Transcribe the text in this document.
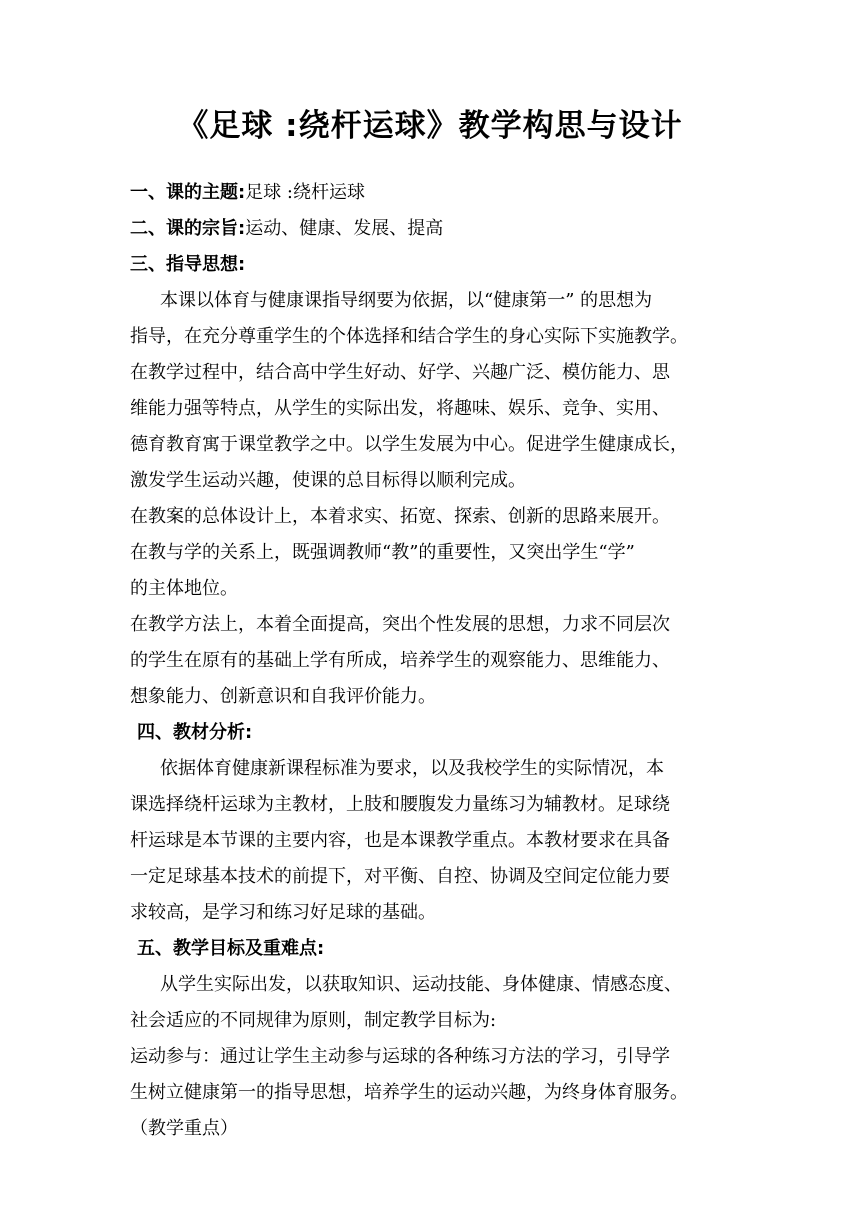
《足球 :绕杆运球》教学构思与设计
一、课的主题:足球 :绕杆运球
二、课的宗旨:运动、健康、发展、提高
三、指导思想:
本课以体育与健康课指导纲要为依据，以“健康第一” 的思想为
指导，在充分尊重学生的个体选择和结合学生的身心实际下实施教学。
在教学过程中，结合高中学生好动、好学、兴趣广泛、模仿能力、思
维能力强等特点，从学生的实际出发，将趣味、娱乐、竞争、实用、
德育教育寓于课堂教学之中。以学生发展为中心。促进学生健康成长，
激发学生运动兴趣，使课的总目标得以顺利完成。
在教案的总体设计上，本着求实、拓宽、探索、创新的思路来展开。
在教与学的关系上，既强调教师“教”的重要性，又突出学生“学”
的主体地位。
在教学方法上，本着全面提高，突出个性发展的思想，力求不同层次
的学生在原有的基础上学有所成，培养学生的观察能力、思维能力、
想象能力、创新意识和自我评价能力。
四、教材分析:
依据体育健康新课程标准为要求，以及我校学生的实际情况，本
课选择绕杆运球为主教材，上肢和腰腹发力量练习为辅教材。足球绕
杆运球是本节课的主要内容，也是本课教学重点。本教材要求在具备
一定足球基本技术的前提下，对平衡、自控、协调及空间定位能力要
求较高，是学习和练习好足球的基础。
五、教学目标及重难点:
从学生实际出发，以获取知识、运动技能、身体健康、情感态度、
社会适应的不同规律为原则，制定教学目标为:
运动参与：通过让学生主动参与运球的各种练习方法的学习，引导学
生树立健康第一的指导思想，培养学生的运动兴趣，为终身体育服务。
（教学重点）
